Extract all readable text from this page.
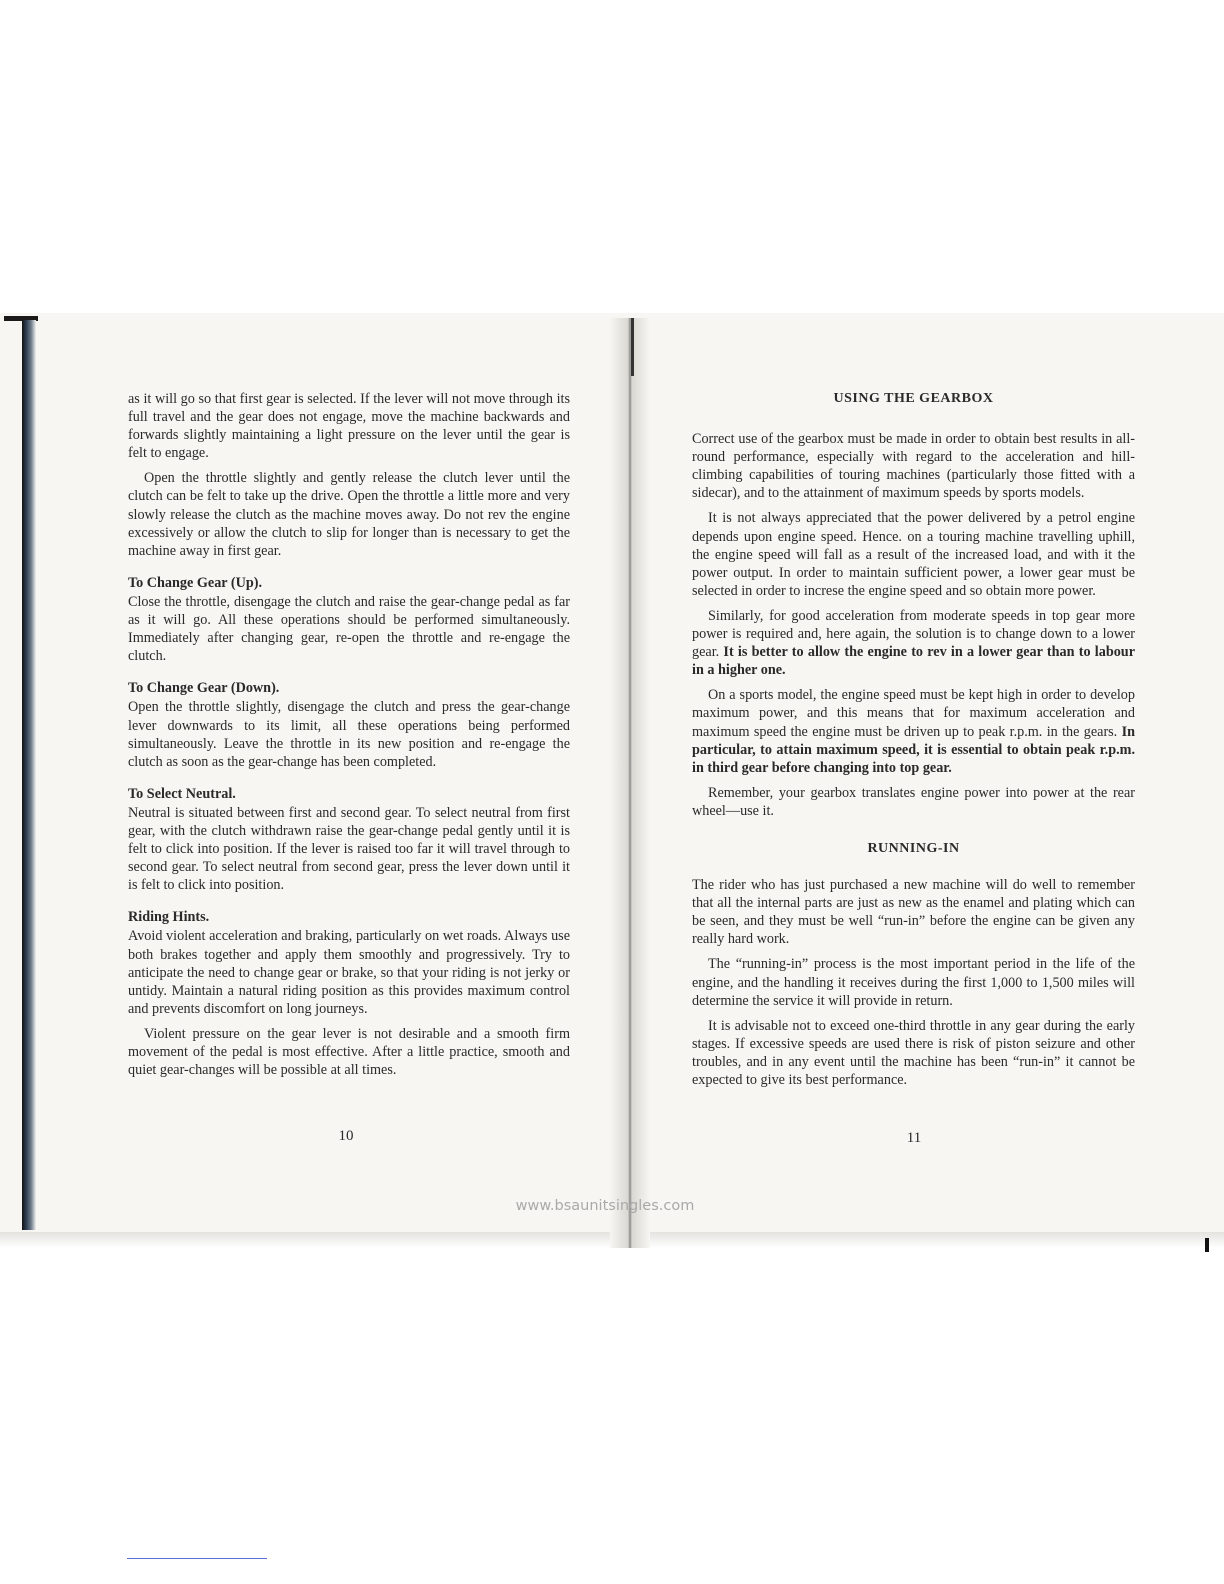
as it will go so that first gear is selected. If the lever will not move through its full travel and the gear does not engage, move the machine backwards and forwards slightly maintaining a light pressure on the lever until the gear is felt to engage.

Open the throttle slightly and gently release the clutch lever until the clutch can be felt to take up the drive. Open the throttle a little more and very slowly release the clutch as the machine moves away. Do not rev the engine excessively or allow the clutch to slip for longer than is necessary to get the machine away in first gear.

To Change Gear (Up).

Close the throttle, disengage the clutch and raise the gear-change pedal as far as it will go. All these operations should be performed simultaneously. Immediately after changing gear, re-open the throttle and re-engage the clutch.

To Change Gear (Down).

Open the throttle slightly, disengage the clutch and press the gear-change lever downwards to its limit, all these operations being performed simultaneously. Leave the throttle in its new position and re-engage the clutch as soon as the gear-change has been completed.

To Select Neutral.

Neutral is situated between first and second gear. To select neutral from first gear, with the clutch withdrawn raise the gear-change pedal gently until it is felt to click into position. If the lever is raised too far it will travel through to second gear. To select neutral from second gear, press the lever down until it is felt to click into position.

Riding Hints.

Avoid violent acceleration and braking, particularly on wet roads. Always use both brakes together and apply them smoothly and progressively. Try to anticipate the need to change gear or brake, so that your riding is not jerky or untidy. Maintain a natural riding position as this provides maximum control and prevents discomfort on long journeys.

Violent pressure on the gear lever is not desirable and a smooth firm movement of the pedal is most effective. After a little practice, smooth and quiet gear-changes will be possible at all times.

10
USING THE GEARBOX

Correct use of the gearbox must be made in order to obtain best results in all-round performance, especially with regard to the acceleration and hill-climbing capabilities of touring machines (particularly those fitted with a sidecar), and to the attainment of maximum speeds by sports models.

It is not always appreciated that the power delivered by a petrol engine depends upon engine speed. Hence. on a touring machine travelling uphill, the engine speed will fall as a result of the increased load, and with it the power output. In order to maintain sufficient power, a lower gear must be selected in order to increse the engine speed and so obtain more power.

Similarly, for good acceleration from moderate speeds in top gear more power is required and, here again, the solution is to change down to a lower gear. It is better to allow the engine to rev in a lower gear than to labour in a higher one.

On a sports model, the engine speed must be kept high in order to develop maximum power, and this means that for maximum acceleration and maximum speed the engine must be driven up to peak r.p.m. in the gears. In particular, to attain maximum speed, it is essential to obtain peak r.p.m. in third gear before changing into top gear.

Remember, your gearbox translates engine power into power at the rear wheel—use it.

RUNNING-IN

The rider who has just purchased a new machine will do well to remember that all the internal parts are just as new as the enamel and plating which can be seen, and they must be well “run-in” before the engine can be given any really hard work.

The “running-in” process is the most important period in the life of the engine, and the handling it receives during the first 1,000 to 1,500 miles will determine the service it will provide in return.

It is advisable not to exceed one-third throttle in any gear during the early stages. If excessive speeds are used there is risk of piston seizure and other troubles, and in any event until the machine has been “run-in” it cannot be expected to give its best performance.

11
www.bsaunitsingles.com
